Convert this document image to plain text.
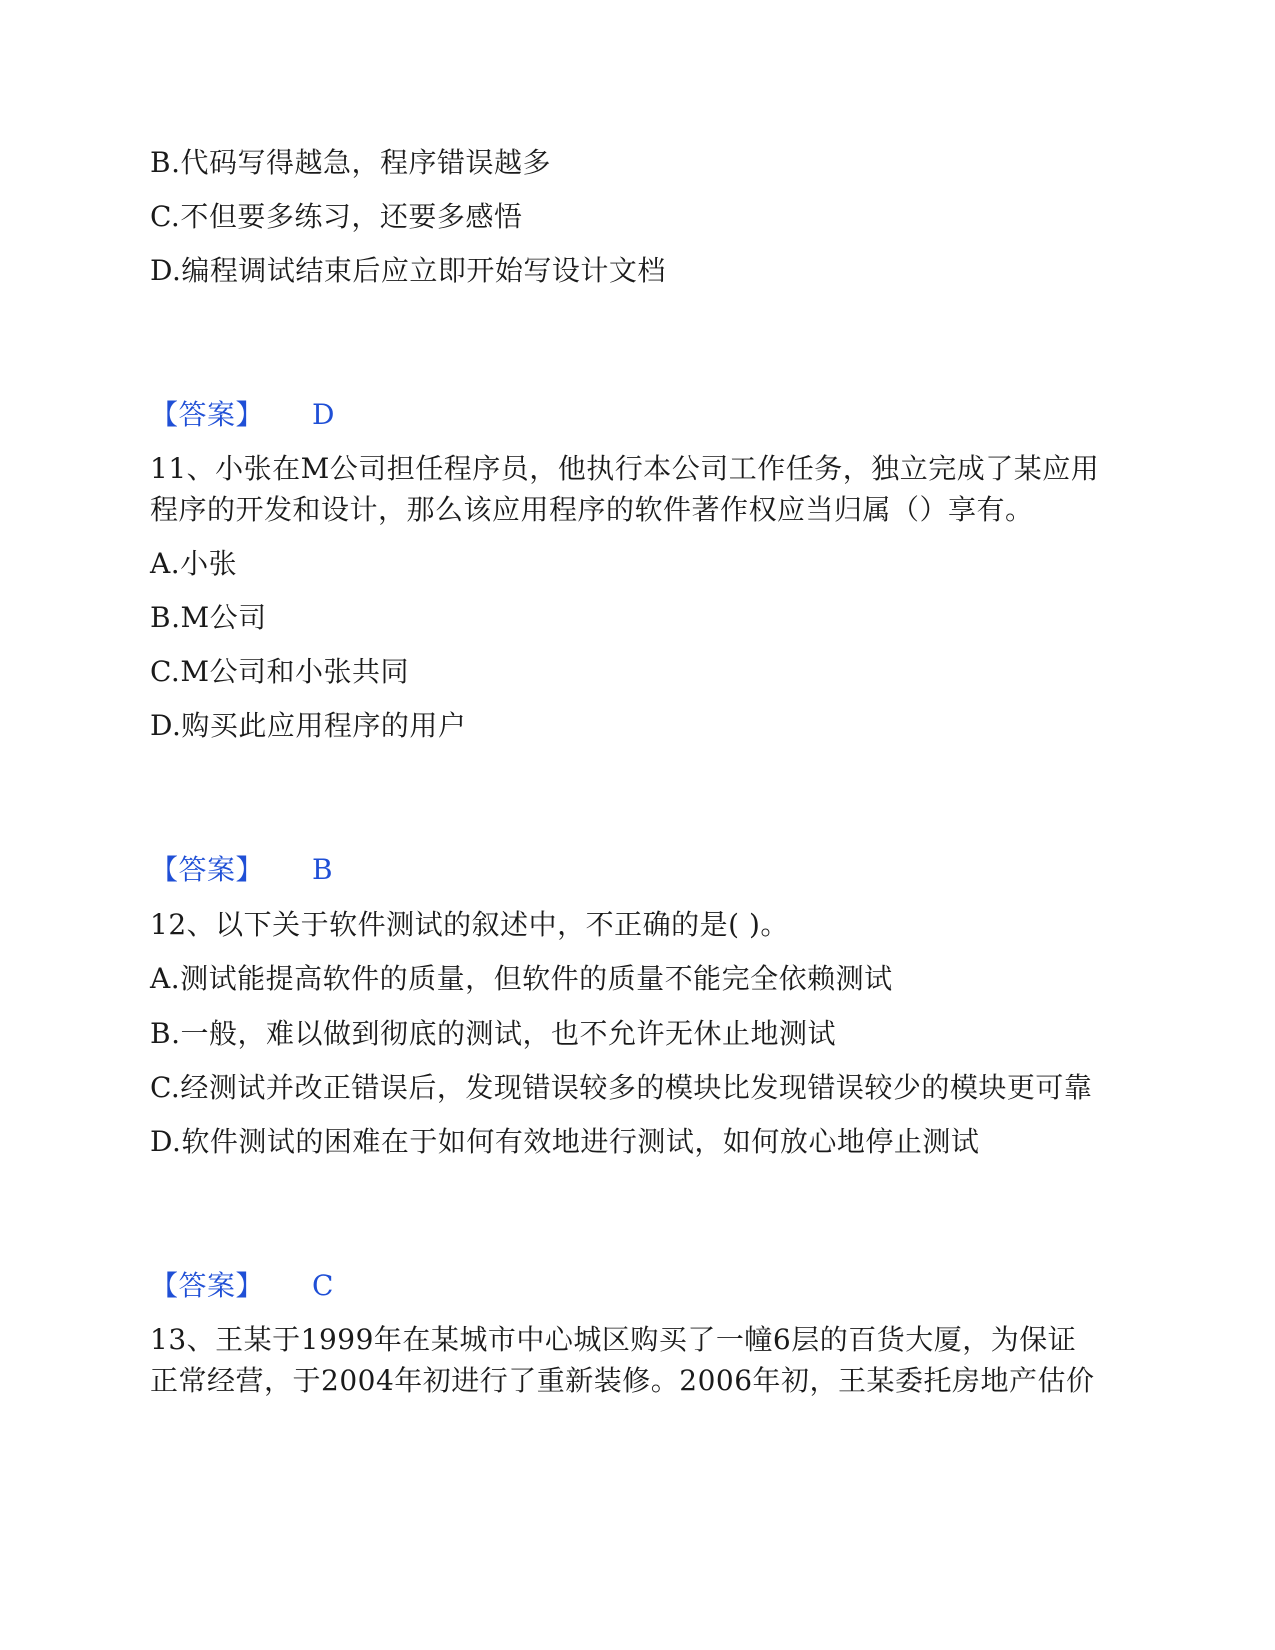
B.代码写得越急，程序错误越多
C.不但要多练习，还要多感悟
D.编程调试结束后应立即开始写设计文档
【答案】 D
11、小张在M公司担任程序员，他执行本公司工作任务，独立完成了某应用
程序的开发和设计，那么该应用程序的软件著作权应当归属（）享有。
A.小张
B.M公司
C.M公司和小张共同
D.购买此应用程序的用户
【答案】 B
12、以下关于软件测试的叙述中，不正确的是( )。
A.测试能提高软件的质量，但软件的质量不能完全依赖测试
B.一般，难以做到彻底的测试，也不允许无休止地测试
C.经测试并改正错误后，发现错误较多的模块比发现错误较少的模块更可靠
D.软件测试的困难在于如何有效地进行测试，如何放心地停止测试
【答案】 C
13、王某于1999年在某城市中心城区购买了一幢6层的百货大厦，为保证
正常经营，于2004年初进行了重新装修。2006年初，王某委托房地产估价
